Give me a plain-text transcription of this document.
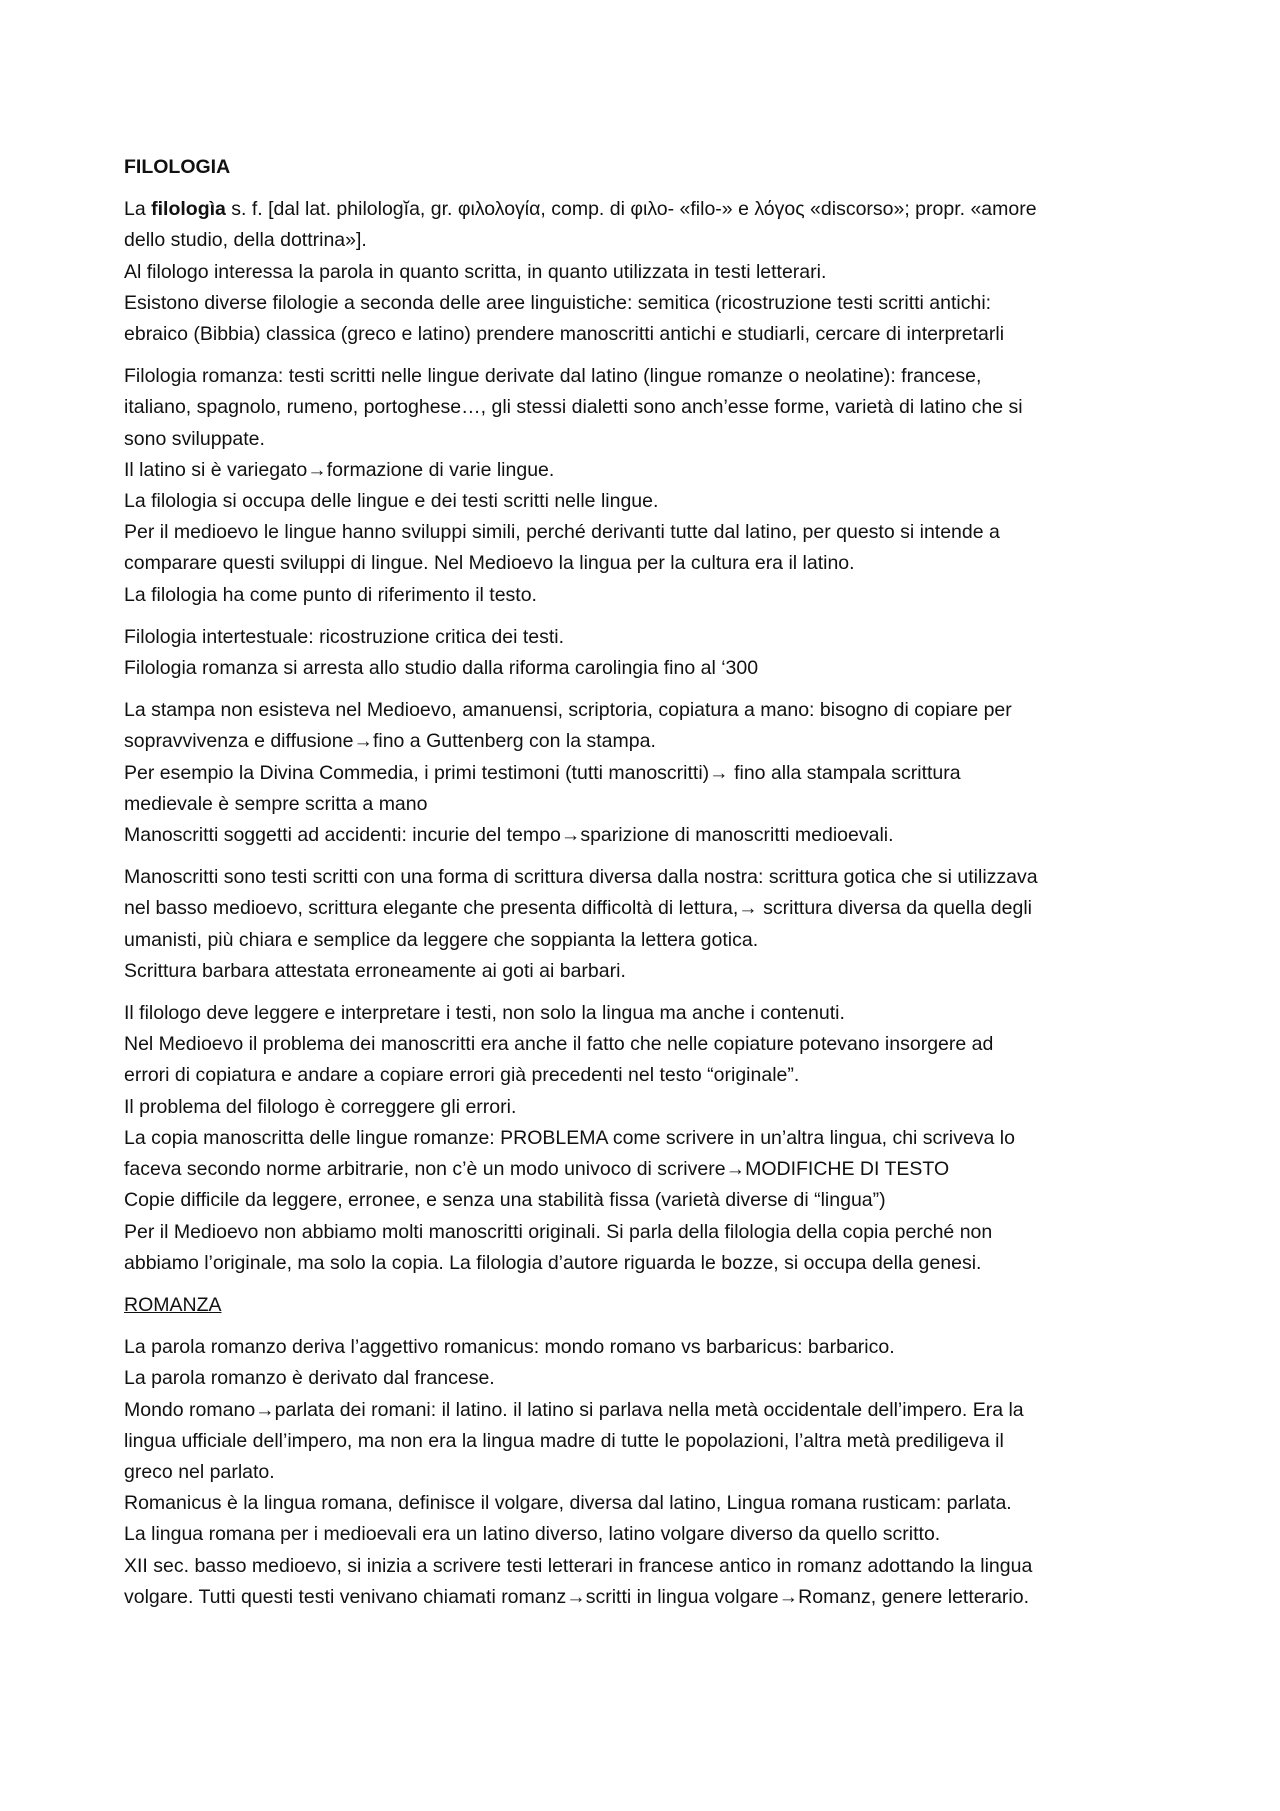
FILOLOGIA
La filologìa s. f. [dal lat. philologĭa, gr. φιλολογία, comp. di φιλο- «filo-» e λόγος «discorso»; propr. «amore
dello studio, della dottrina»].
Al filologo interessa la parola in quanto scritta, in quanto utilizzata in testi letterari.
Esistono diverse filologie a seconda delle aree linguistiche: semitica (ricostruzione testi scritti antichi:
ebraico (Bibbia) classica (greco e latino) prendere manoscritti antichi e studiarli, cercare di interpretarli
Filologia romanza: testi scritti nelle lingue derivate dal latino (lingue romanze o neolatine): francese,
italiano, spagnolo, rumeno, portoghese…, gli stessi dialetti sono anch’esse forme, varietà di latino che si
sono sviluppate.
Il latino si è variegato→formazione di varie lingue.
La filologia si occupa delle lingue e dei testi scritti nelle lingue.
Per il medioevo le lingue hanno sviluppi simili, perché derivanti tutte dal latino, per questo si intende a
comparare questi sviluppi di lingue. Nel Medioevo la lingua per la cultura era il latino.
La filologia ha come punto di riferimento il testo.
Filologia intertestuale: ricostruzione critica dei testi.
Filologia romanza si arresta allo studio dalla riforma carolingia fino al ‘300
La stampa non esisteva nel Medioevo, amanuensi, scriptoria, copiatura a mano: bisogno di copiare per
sopravvivenza e diffusione→fino a Guttenberg con la stampa.
Per esempio la Divina Commedia, i primi testimoni (tutti manoscritti)→ fino alla stampala scrittura
medievale è sempre scritta a mano
Manoscritti soggetti ad accidenti: incurie del tempo→sparizione di manoscritti medioevali.
Manoscritti sono testi scritti con una forma di scrittura diversa dalla nostra: scrittura gotica che si utilizzava
nel basso medioevo, scrittura elegante che presenta difficoltà di lettura,→ scrittura diversa da quella degli
umanisti, più chiara e semplice da leggere che soppianta la lettera gotica.
Scrittura barbara attestata erroneamente ai goti ai barbari.
Il filologo deve leggere e interpretare i testi, non solo la lingua ma anche i contenuti.
Nel Medioevo il problema dei manoscritti era anche il fatto che nelle copiature potevano insorgere ad
errori di copiatura e andare a copiare errori già precedenti nel testo “originale”.
Il problema del filologo è correggere gli errori.
La copia manoscritta delle lingue romanze: PROBLEMA come scrivere in un’altra lingua, chi scriveva lo
faceva secondo norme arbitrarie, non c’è un modo univoco di scrivere→MODIFICHE DI TESTO
Copie difficile da leggere, erronee, e senza una stabilità fissa (varietà diverse di “lingua”)
Per il Medioevo non abbiamo molti manoscritti originali. Si parla della filologia della copia perché non
abbiamo l’originale, ma solo la copia. La filologia d’autore riguarda le bozze, si occupa della genesi.
ROMANZA
La parola romanzo deriva l’aggettivo romanicus: mondo romano vs barbaricus: barbarico.
La parola romanzo è derivato dal francese.
Mondo romano→parlata dei romani: il latino. il latino si parlava nella metà occidentale dell’impero. Era la
lingua ufficiale dell’impero, ma non era la lingua madre di tutte le popolazioni, l’altra metà prediligeva il
greco nel parlato.
Romanicus è la lingua romana, definisce il volgare, diversa dal latino, Lingua romana rusticam: parlata.
La lingua romana per i medioevali era un latino diverso, latino volgare diverso da quello scritto.
XII sec. basso medioevo, si inizia a scrivere testi letterari in francese antico in romanz adottando la lingua
volgare. Tutti questi testi venivano chiamati romanz→scritti in lingua volgare→Romanz, genere letterario.
